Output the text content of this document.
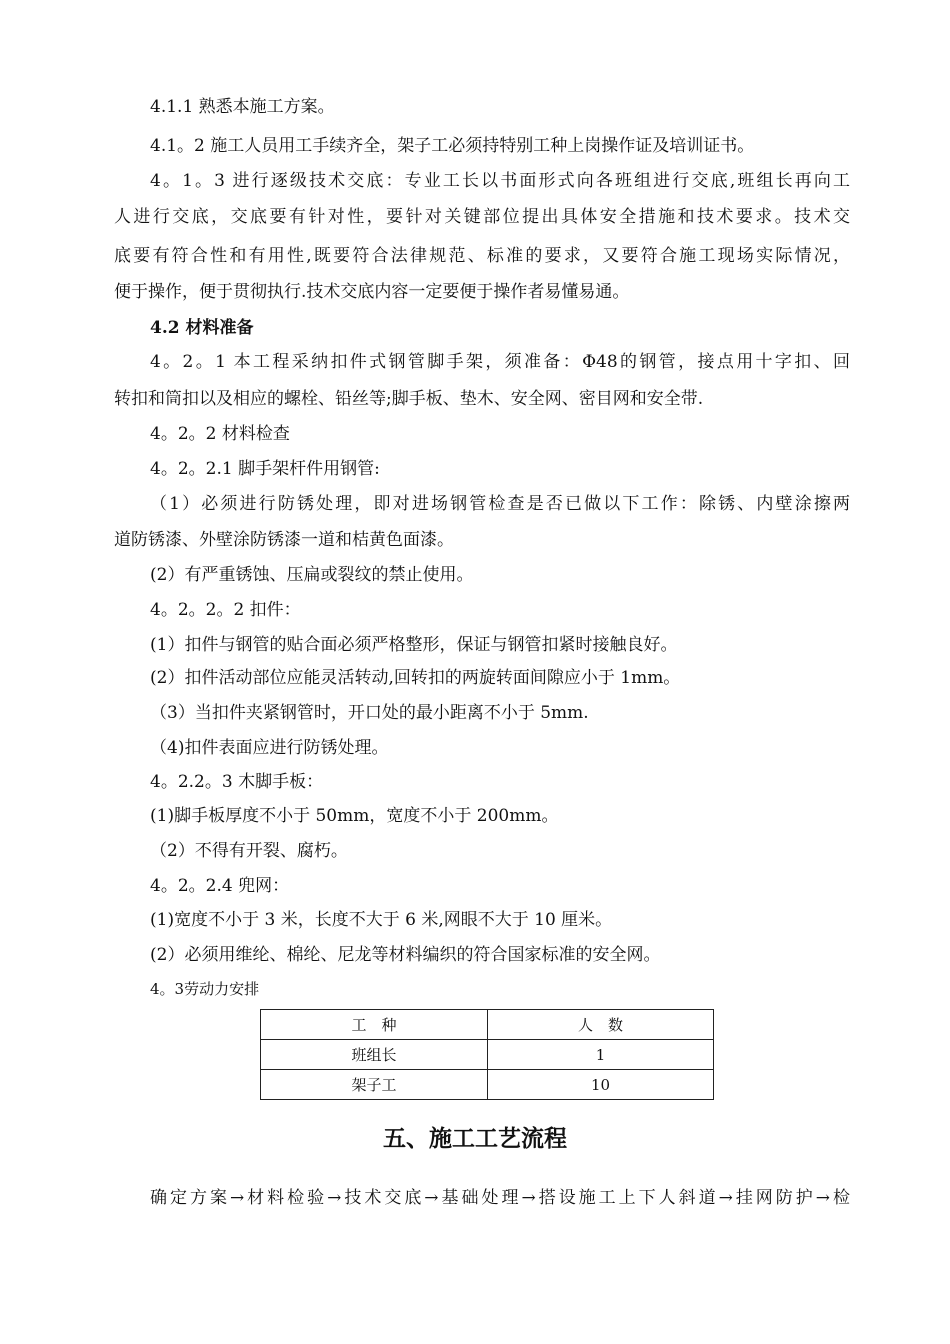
4.1.1 熟悉本施工方案。
4.1。2 施工人员用工手续齐全，架子工必须持特别工种上岗操作证及培训证书。
4。1。3 进行逐级技术交底：专业工长以书面形式向各班组进行交底,班组长再向工
人进行交底，交底要有针对性，要针对关键部位提出具体安全措施和技术要求。技术交
底要有符合性和有用性,既要符合法律规范、标准的要求，又要符合施工现场实际情况，
便于操作，便于贯彻执行.技术交底内容一定要便于操作者易懂易通。
4.2 材料准备
4。2。1 本工程采纳扣件式钢管脚手架，须准备：Φ48的钢管，接点用十字扣、回
转扣和筒扣以及相应的螺栓、铅丝等;脚手板、垫木、安全网、密目网和安全带.
4。2。2 材料检查
4。2。2.1 脚手架杆件用钢管:
（1）必须进行防锈处理，即对进场钢管检查是否已做以下工作：除锈、内壁涂擦两
道防锈漆、外壁涂防锈漆一道和桔黄色面漆。
(2）有严重锈蚀、压扁或裂纹的禁止使用。
4。2。2。2 扣件：
(1）扣件与钢管的贴合面必须严格整形，保证与钢管扣紧时接触良好。
(2）扣件活动部位应能灵活转动,回转扣的两旋转面间隙应小于 1mm。
（3）当扣件夹紧钢管时，开口处的最小距离不小于 5mm.
（4)扣件表面应进行防锈处理。
4。2.2。3 木脚手板：
(1)脚手板厚度不小于 50mm，宽度不小于 200mm。
（2）不得有开裂、腐朽。
4。2。2.4 兜网：
(1)宽度不小于 3 米，长度不大于 6 米,网眼不大于 10 厘米。
(2）必须用维纶、棉纶、尼龙等材料编织的符合国家标准的安全网。
4。3劳动力安排
工　种	人　数
班组长	1
架子工	10
五、施工工艺流程
确定方案→材料检验→技术交底→基础处理→搭设施工上下人斜道→挂网防护→检
